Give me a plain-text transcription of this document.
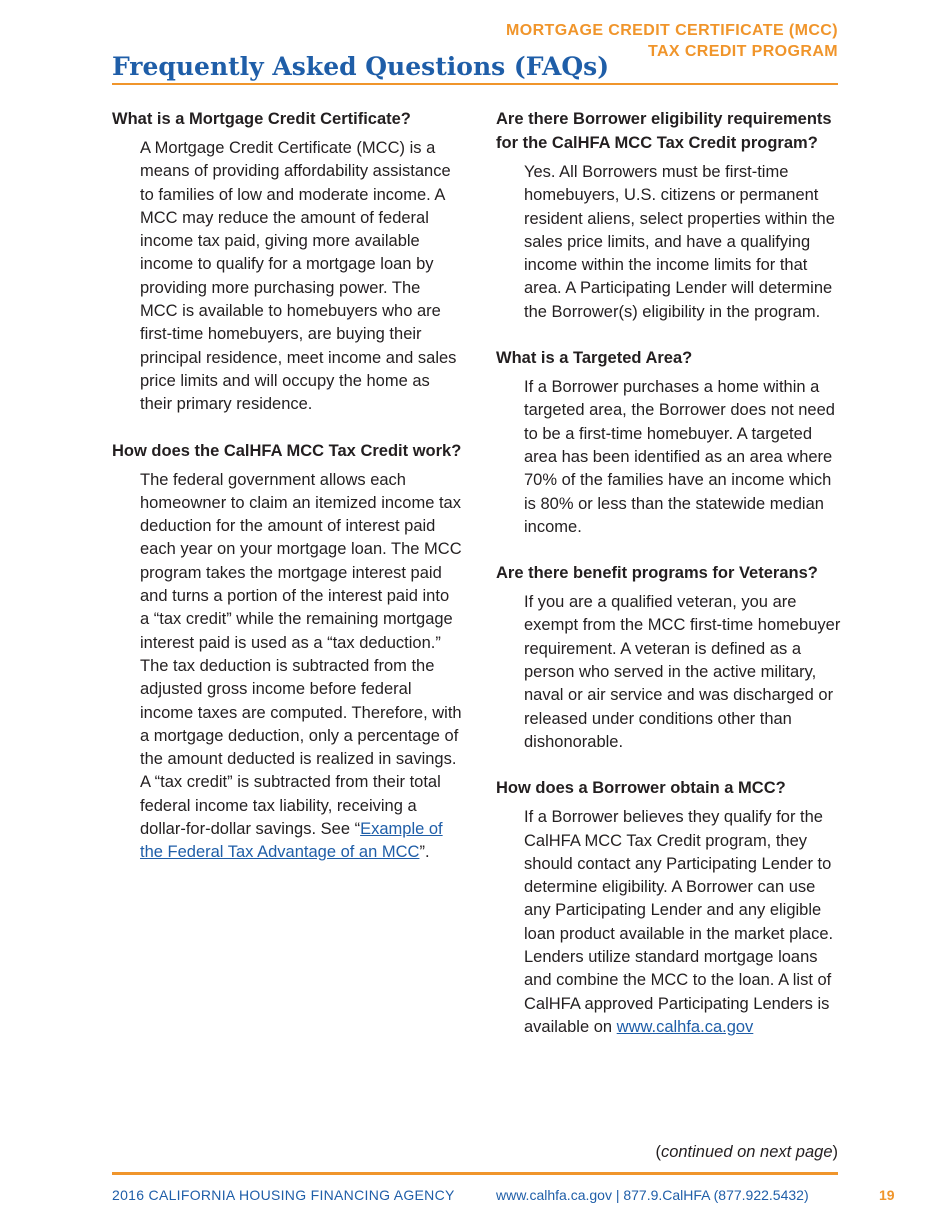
MORTGAGE CREDIT CERTIFICATE (MCC)
TAX CREDIT PROGRAM
Frequently Asked Questions (FAQs)
What is a Mortgage Credit Certificate?

A Mortgage Credit Certificate (MCC) is a means of providing affordability assistance to families of low and moderate income. A MCC may reduce the amount of federal income tax paid, giving more available income to qualify for a mortgage loan by providing more purchasing power. The MCC is available to homebuyers who are first-time homebuyers, are buying their principal residence, meet income and sales price limits and will occupy the home as their primary residence.

How does the CalHFA MCC Tax Credit work?

The federal government allows each homeowner to claim an itemized income tax deduction for the amount of interest paid each year on your mortgage loan. The MCC program takes the mortgage interest paid and turns a portion of the interest paid into a “tax credit” while the remaining mortgage interest paid is used as a “tax deduction.” The tax deduction is subtracted from the adjusted gross income before federal income taxes are computed. Therefore, with a mortgage deduction, only a percentage of the amount deducted is realized in savings. A “tax credit” is subtracted from their total federal income tax liability, receiving a dollar-for-dollar savings. See “Example of the Federal Tax Advantage of an MCC”.

Are there Borrower eligibility requirements for the CalHFA MCC Tax Credit program?

Yes. All Borrowers must be first-time homebuyers, U.S. citizens or permanent resident aliens, select properties within the sales price limits, and have a qualifying income within the income limits for that area. A Participating Lender will determine the Borrower(s) eligibility in the program.

What is a Targeted Area?

If a Borrower purchases a home within a targeted area, the Borrower does not need to be a first-time homebuyer. A targeted area has been identified as an area where 70% of the families have an income which is 80% or less than the statewide median income.

Are there benefit programs for Veterans?

If you are a qualified veteran, you are exempt from the MCC first-time homebuyer requirement. A veteran is defined as a person who served in the active military, naval or air service and was discharged or released under conditions other than dishonorable.

How does a Borrower obtain a MCC?

If a Borrower believes they qualify for the CalHFA MCC Tax Credit program, they should contact any Participating Lender to determine eligibility. A Borrower can use any Participating Lender and any eligible loan product available in the market place. Lenders utilize standard mortgage loans and combine the MCC to the loan. A list of CalHFA approved Participating Lenders is available on www.calhfa.ca.gov

(continued on next page)
2016 CALIFORNIA HOUSING FINANCING AGENCY	www.calhfa.ca.gov | 877.9.CalHFA (877.922.5432)	19
